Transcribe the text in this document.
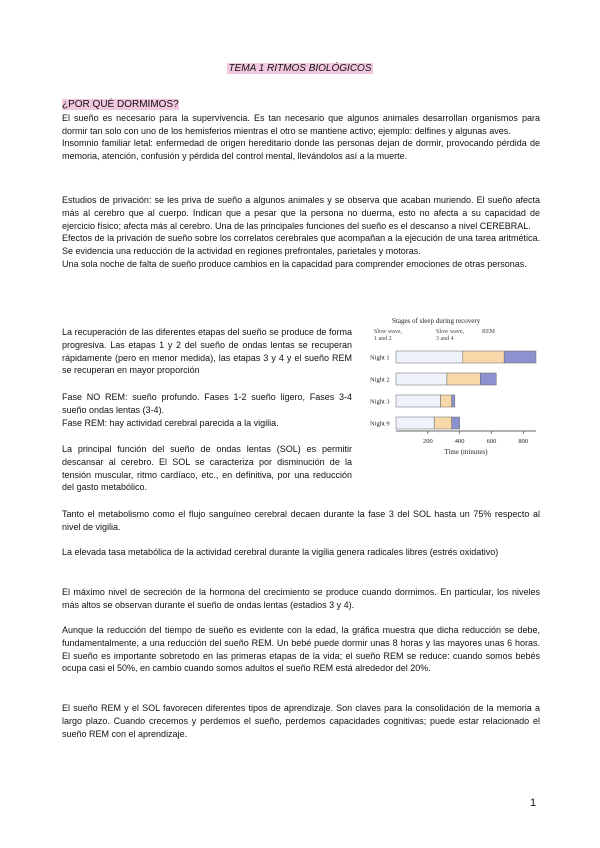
TEMA 1 RITMOS BIOLÓGICOS

¿POR QUÉ DORMIMOS?

El sueño es necesario para la supervivencia. Es tan necesario que algunos animales desarrollan organismos para dormir tan solo con uno de los hemisferios mientras el otro se mantiene activo; ejemplo: delfines y algunas aves.

Insomnio familiar letal: enfermedad de origen hereditario donde las personas dejan de dormir, provocando pérdida de memoria, atención, confusión y pérdida del control mental, llevándolos así a la muerte.

Estudios de privación: se les priva de sueño a algunos animales y se observa que acaban muriendo. El sueño afecta más al cerebro que al cuerpo. Indican que a pesar que la persona no duerma, esto no afecta a su capacidad de ejercicio físico; afecta más al cerebro. Una de las principales funciones del sueño es el descanso a nivel CEREBRAL.

Efectos de la privación de sueño sobre los correlatos cerebrales que acompañan a la ejecución de una tarea aritmética. Se evidencia una reducción de la actividad en regiones prefrontales, parietales y motoras.

Una sola noche de falta de sueño produce cambios en la capacidad para comprender emociones de otras personas.

La recuperación de las diferentes etapas del sueño se produce de forma progresiva. Las etapas 1 y 2 del sueño de ondas lentas se recuperan rápidamente (pero en menor medida), las etapas 3 y 4 y el sueño REM se recuperan en mayor proporción

Fase NO REM: sueño profundo. Fases 1-2 sueño ligero, Fases 3-4 sueño ondas lentas (3-4).

Fase REM: hay actividad cerebral parecida a la vigilia.

La principal función del sueño de ondas lentas (SOL) es permitir descansar al cerebro. El SOL se caracteriza por disminución de la tensión muscular, ritmo cardíaco, etc., en definitiva, por una reducción del gasto metabólico.

Stages of sleep during recovery
Slow wave, 1 and 2
Slow wave, 3 and 4
REM
Night 1
Night 2
Night 3
Night 9
200	400	600	800
Time (minutes)

Tanto el metabolismo como el flujo sanguíneo cerebral decaen durante la fase 3 del SOL hasta un 75% respecto al nivel de vigilia.

La elevada tasa metabólica de la actividad cerebral durante la vigilia genera radicales libres (estrés oxidativo)

El máximo nivel de secreción de la hormona del crecimiento se produce cuando dormimos. En particular, los niveles más altos se observan durante el sueño de ondas lentas (estadios 3 y 4).

Aunque la reducción del tiempo de sueño es evidente con la edad, la gráfica muestra que dicha reducción se debe, fundamentalmente, a una reducción del sueño REM. Un bebé puede dormir unas 8 horas y las mayores unas 6 horas. El sueño es importante sobretodo en las primeras etapas de la vida; el sueño REM se reduce: cuando somos bebés ocupa casi el 50%, en cambio cuando somos adultos el sueño REM está alrededor del 20%.

El sueño REM y el SOL favorecen diferentes tipos de aprendizaje. Son claves para la consolidación de la memoria a largo plazo. Cuando crecemos y perdemos el sueño, perdemos capacidades cognitivas; puede estar relacionado el sueño REM con el aprendizaje.

1
